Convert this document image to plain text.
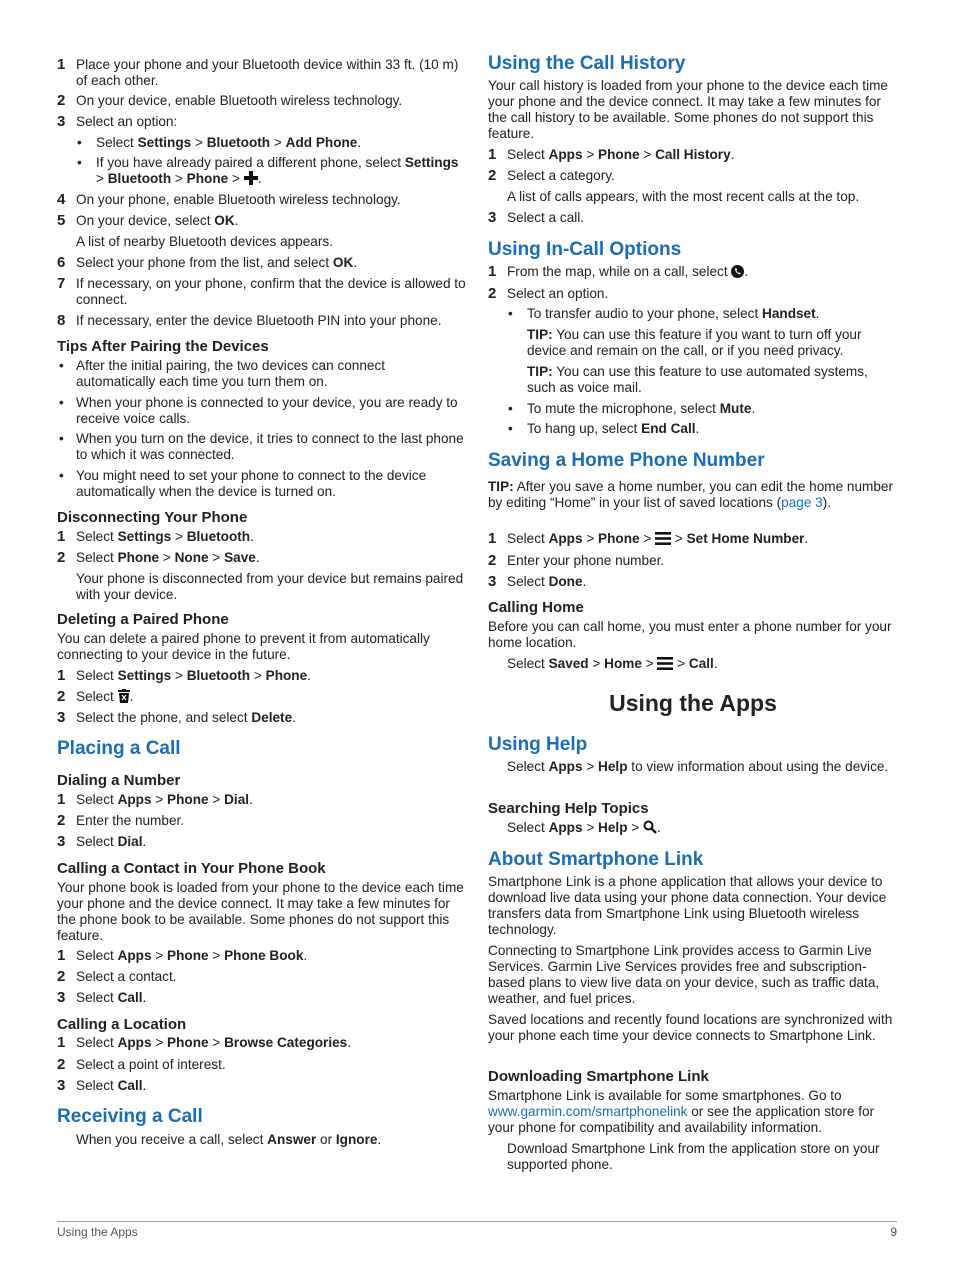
1 Place your phone and your Bluetooth device within 33 ft. (10 m) of each other.
2 On your device, enable Bluetooth wireless technology.
3 Select an option:
• Select Settings > Bluetooth > Add Phone.
• If you have already paired a different phone, select Settings > Bluetooth > Phone > .
4 On your phone, enable Bluetooth wireless technology.
5 On your device, select OK.
A list of nearby Bluetooth devices appears.
6 Select your phone from the list, and select OK.
7 If necessary, on your phone, confirm that the device is allowed to connect.
8 If necessary, enter the device Bluetooth PIN into your phone.
Tips After Pairing the Devices
• After the initial pairing, the two devices can connect automatically each time you turn them on.
• When your phone is connected to your device, you are ready to receive voice calls.
• When you turn on the device, it tries to connect to the last phone to which it was connected.
• You might need to set your phone to connect to the device automatically when the device is turned on.
Disconnecting Your Phone
1 Select Settings > Bluetooth.
2 Select Phone > None > Save.
Your phone is disconnected from your device but remains paired with your device.
Deleting a Paired Phone
You can delete a paired phone to prevent it from automatically connecting to your device in the future.
1 Select Settings > Bluetooth > Phone.
2 Select .
3 Select the phone, and select Delete.
Placing a Call
Dialing a Number
1 Select Apps > Phone > Dial.
2 Enter the number.
3 Select Dial.
Calling a Contact in Your Phone Book
Your phone book is loaded from your phone to the device each time your phone and the device connect. It may take a few minutes for the phone book to be available. Some phones do not support this feature.
1 Select Apps > Phone > Phone Book.
2 Select a contact.
3 Select Call.
Calling a Location
1 Select Apps > Phone > Browse Categories.
2 Select a point of interest.
3 Select Call.
Receiving a Call
When you receive a call, select Answer or Ignore.
Using the Call History
Your call history is loaded from your phone to the device each time your phone and the device connect. It may take a few minutes for the call history to be available. Some phones do not support this feature.
1 Select Apps > Phone > Call History.
2 Select a category.
A list of calls appears, with the most recent calls at the top.
3 Select a call.
Using In-Call Options
1 From the map, while on a call, select .
2 Select an option.
• To transfer audio to your phone, select Handset.
TIP: You can use this feature if you want to turn off your device and remain on the call, or if you need privacy.
TIP: You can use this feature to use automated systems, such as voice mail.
• To mute the microphone, select Mute.
• To hang up, select End Call.
Saving a Home Phone Number
TIP: After you save a home number, you can edit the home number by editing “Home” in your list of saved locations (page 3).
1 Select Apps > Phone >  > Set Home Number.
2 Enter your phone number.
3 Select Done.
Calling Home
Before you can call home, you must enter a phone number for your home location.
Select Saved > Home >  > Call.
Using the Apps
Using Help
Select Apps > Help to view information about using the device.
Searching Help Topics
Select Apps > Help > .
About Smartphone Link
Smartphone Link is a phone application that allows your device to download live data using your phone data connection. Your device transfers data from Smartphone Link using Bluetooth wireless technology.
Connecting to Smartphone Link provides access to Garmin Live Services. Garmin Live Services provides free and subscription-based plans to view live data on your device, such as traffic data, weather, and fuel prices.
Saved locations and recently found locations are synchronized with your phone each time your device connects to Smartphone Link.
Downloading Smartphone Link
Smartphone Link is available for some smartphones. Go to www.garmin.com/smartphonelink or see the application store for your phone for compatibility and availability information.
Download Smartphone Link from the application store on your supported phone.
Using the Apps	9
